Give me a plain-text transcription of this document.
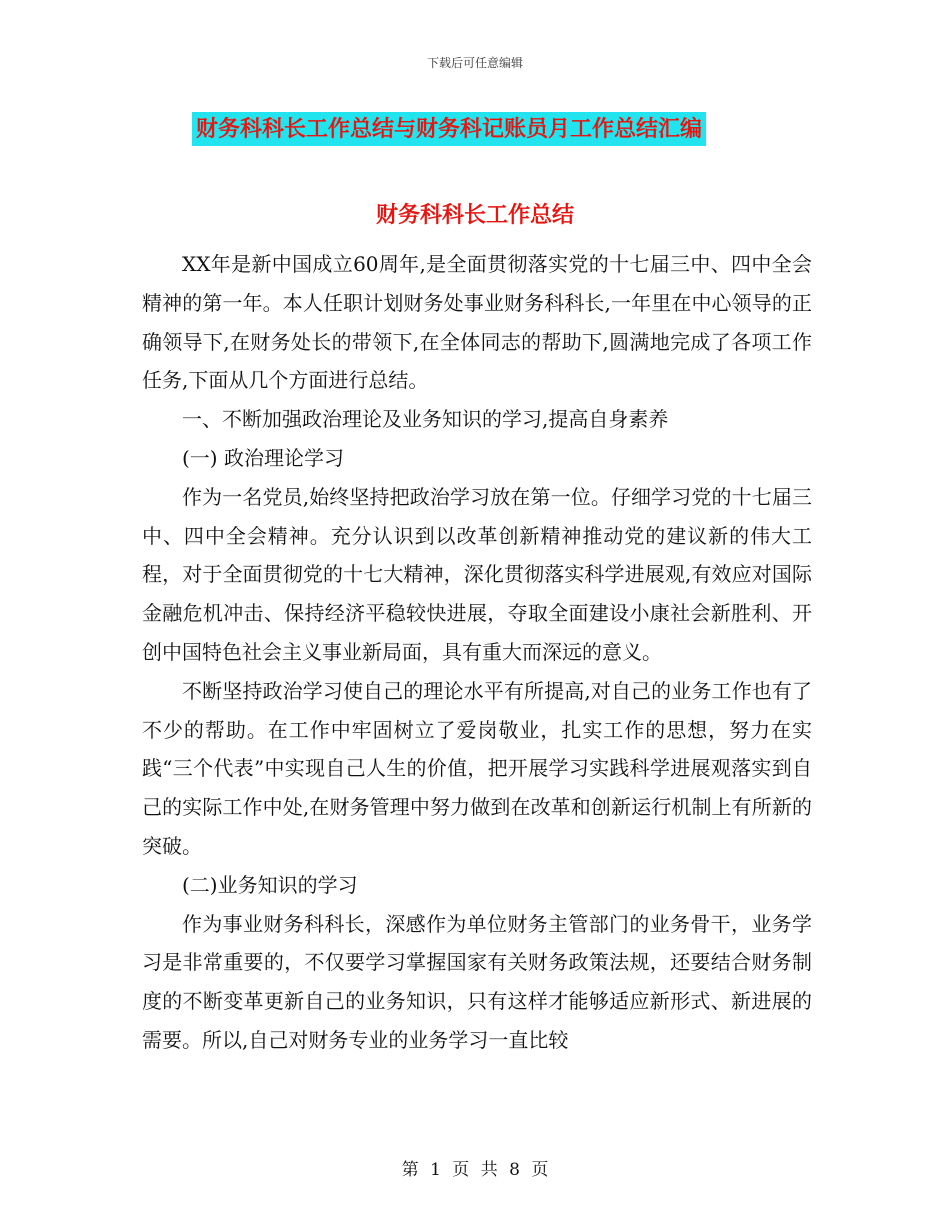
下载后可任意编辑
财务科科长工作总结与财务科记账员月工作总结汇编
财务科科长工作总结

XX年是新中国成立60周年,是全面贯彻落实党的十七届三中、四中全会精神的第一年。本人任职计划财务处事业财务科科长,一年里在中心领导的正确领导下,在财务处长的带领下,在全体同志的帮助下,圆满地完成了各项工作任务,下面从几个方面进行总结。

一、不断加强政治理论及业务知识的学习,提高自身素养

(一) 政治理论学习

作为一名党员,始终坚持把政治学习放在第一位。仔细学习党的十七届三中、四中全会精神。充分认识到以改革创新精神推动党的建议新的伟大工程，对于全面贯彻党的十七大精神，深化贯彻落实科学进展观,有效应对国际金融危机冲击、保持经济平稳较快进展，夺取全面建设小康社会新胜利、开创中国特色社会主义事业新局面，具有重大而深远的意义。

不断坚持政治学习使自己的理论水平有所提高,对自己的业务工作也有了不少的帮助。在工作中牢固树立了爱岗敬业，扎实工作的思想，努力在实践“三个代表”中实现自己人生的价值，把开展学习实践科学进展观落实到自己的实际工作中处,在财务管理中努力做到在改革和创新运行机制上有所新的突破。

(二)业务知识的学习

作为事业财务科科长，深感作为单位财务主管部门的业务骨干，业务学习是非常重要的，不仅要学习掌握国家有关财务政策法规，还要结合财务制度的不断变革更新自己的业务知识，只有这样才能够适应新形式、新进展的需要。所以,自己对财务专业的业务学习一直比较

第 1 页 共 8 页
